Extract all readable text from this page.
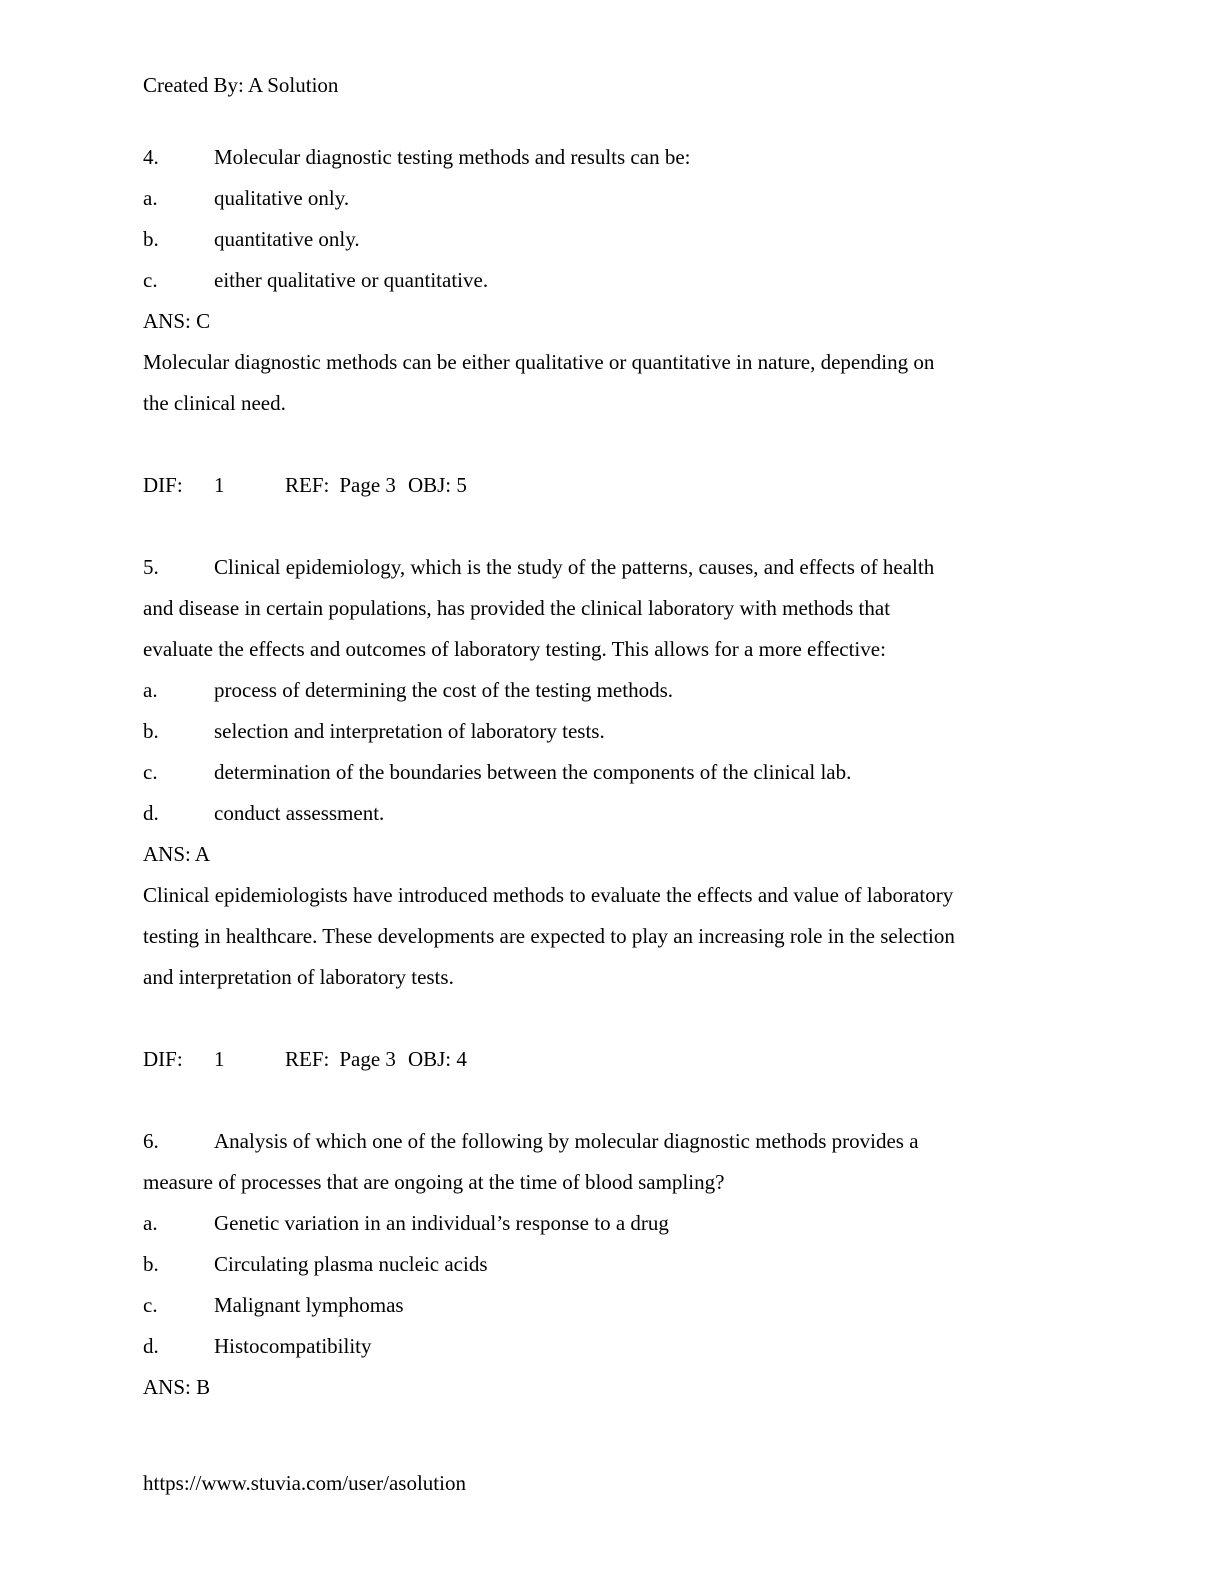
Created By: A Solution
4.	Molecular diagnostic testing methods and results can be:
a.	qualitative only.
b.	quantitative only.
c.	either qualitative or quantitative.
ANS: C
Molecular diagnostic methods can be either qualitative or quantitative in nature, depending on
the clinical need.
DIF: 1	REF: Page 3 OBJ: 5
5.	Clinical epidemiology, which is the study of the patterns, causes, and effects of health
and disease in certain populations, has provided the clinical laboratory with methods that
evaluate the effects and outcomes of laboratory testing. This allows for a more effective:
a.	process of determining the cost of the testing methods.
b.	selection and interpretation of laboratory tests.
c.	determination of the boundaries between the components of the clinical lab.
d.	conduct assessment.
ANS: A
Clinical epidemiologists have introduced methods to evaluate the effects and value of laboratory
testing in healthcare. These developments are expected to play an increasing role in the selection
and interpretation of laboratory tests.
DIF: 1	REF: Page 3 OBJ: 4
6.	Analysis of which one of the following by molecular diagnostic methods provides a
measure of processes that are ongoing at the time of blood sampling?
a.	Genetic variation in an individual’s response to a drug
b.	Circulating plasma nucleic acids
c.	Malignant lymphomas
d.	Histocompatibility
ANS: B
https://www.stuvia.com/user/asolution
